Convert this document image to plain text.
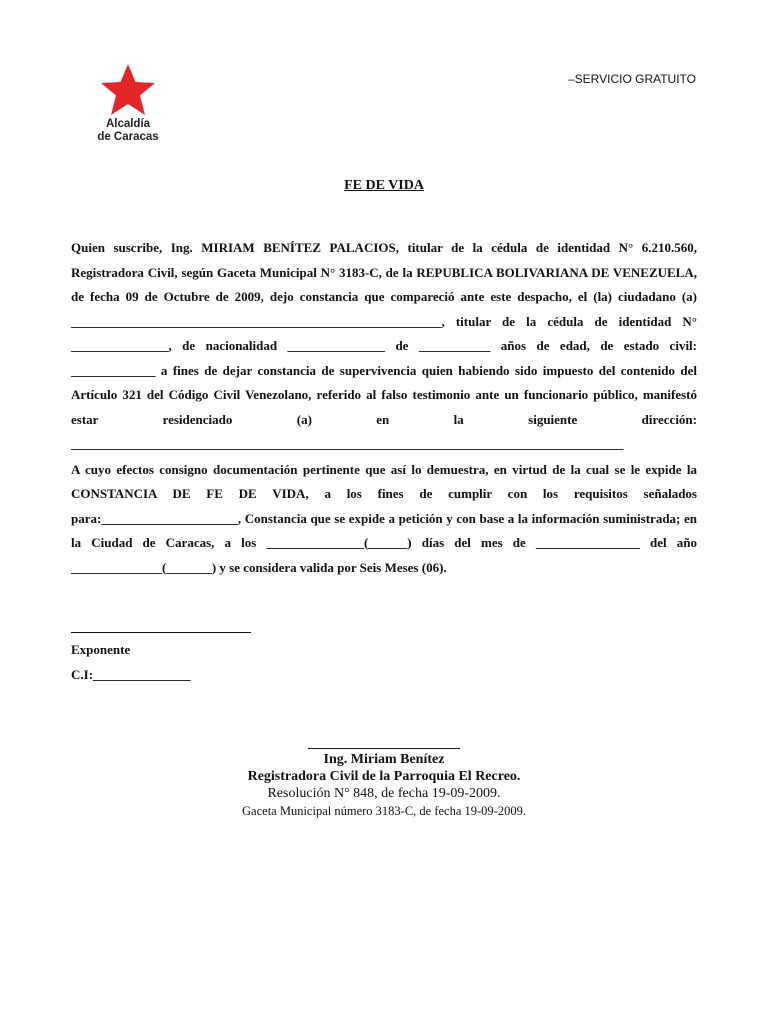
Alcaldía
de Caracas
–SERVICIO GRATUITO
FE DE VIDA

Quien suscribe, Ing. MIRIAM BENÍTEZ PALACIOS, titular de la cédula de identidad N° 6.210.560, Registradora Civil, según Gaceta Municipal N° 3183-C, de la REPUBLICA BOLIVARIANA DE VENEZUELA, de fecha 09 de Octubre de 2009, dejo constancia que compareció ante este despacho, el (la) ciudadano (a) _________________________________________________________, titular de la cédula de identidad N° _______________, de nacionalidad _______________ de ___________ años de edad, de estado civil: _____________ a fines de dejar constancia de supervivencia quien habiendo sido impuesto del contenido del Artículo 321 del Código Civil Venezolano, referido al falso testimonio ante un funcionario público, manifestó estar residenciado (a) en la siguiente dirección: _____________________________________________________________________________________

A cuyo efectos consigno documentación pertinente que así lo demuestra, en virtud de la cual se le expide la CONSTANCIA DE FE DE VIDA, a los fines de cumplir con los requisitos señalados para:_____________________, Constancia que se expide a petición y con base a la información suministrada; en la Ciudad de Caracas, a los _______________(______) días del mes de ________________ del año ______________(_______) y se considera valida por Seis Meses (06).

Exponente
C.I:_______________
Ing. Miriam Benítez
Registradora Civil de la Parroquia El Recreo.
Resolución N° 848, de fecha 19-09-2009.
Gaceta Municipal número 3183-C, de fecha 19-09-2009.
